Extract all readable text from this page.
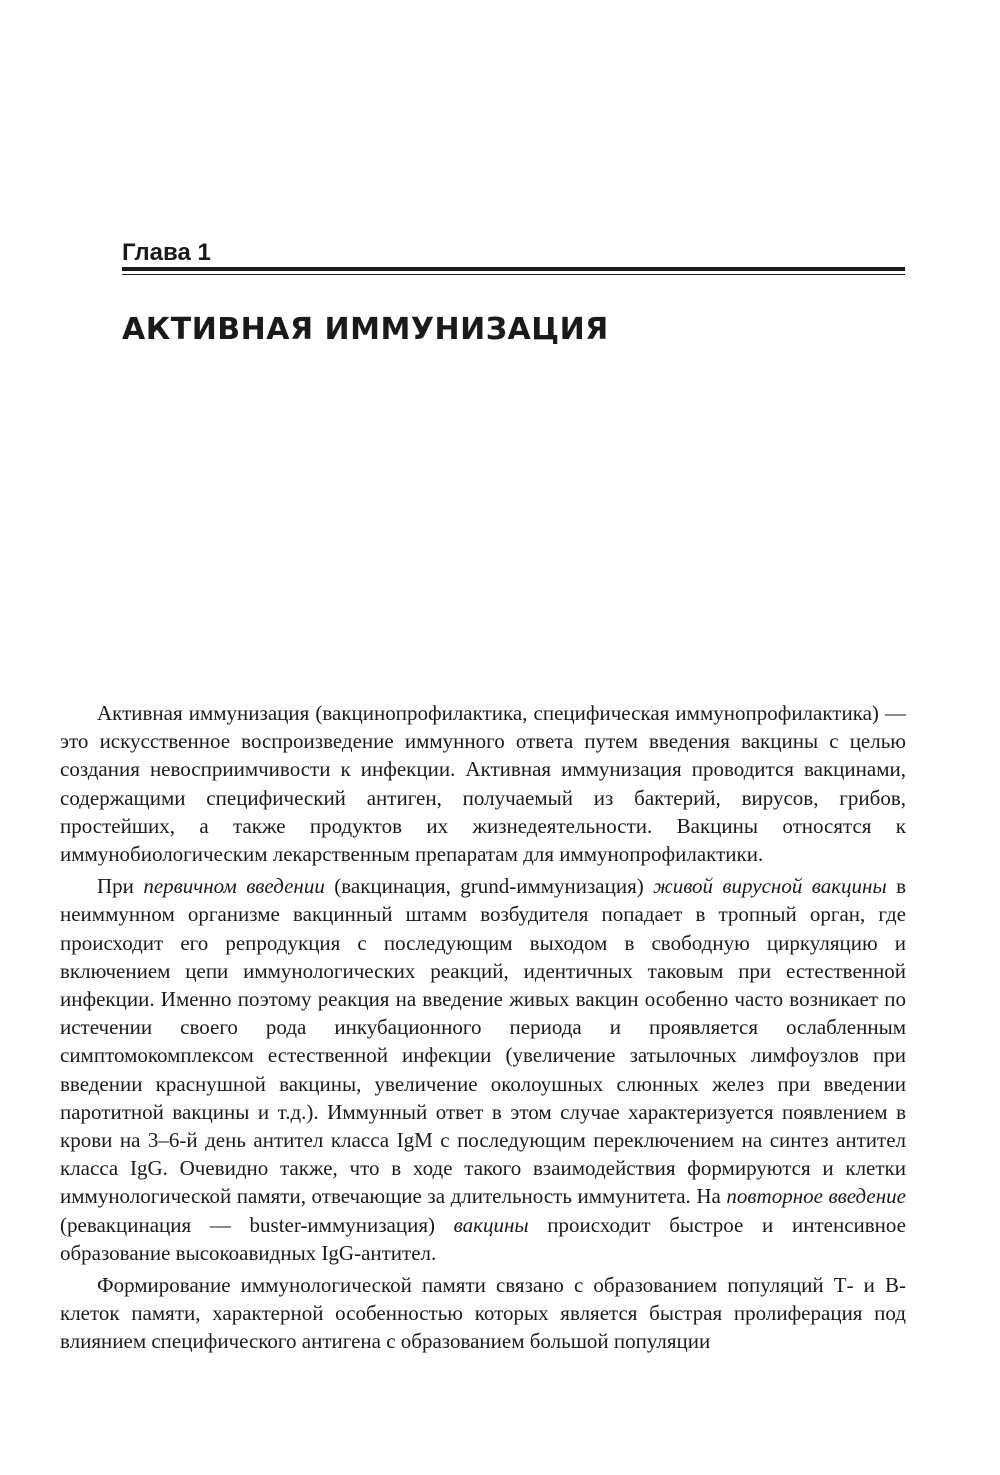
Глава 1
АКТИВНАЯ ИММУНИЗАЦИЯ

Активная иммунизация (вакцинопрофилактика, специфическая иммунопрофилактика) — это искусственное воспроизведение иммунного ответа путем введения вакцины с целью создания невосприимчивости к инфекции. Активная иммунизация проводится вакцинами, содержащими специфический антиген, получаемый из бактерий, вирусов, грибов, простейших, а также продуктов их жизнедеятельности. Вакцины относятся к иммунобиологическим лекарственным препаратам для иммунопрофилактики.

При первичном введении (вакцинация, grund-иммунизация) живой вирусной вакцины в неиммунном организме вакцинный штамм возбудителя попадает в тропный орган, где происходит его репродукция с последующим выходом в свободную циркуляцию и включением цепи иммунологических реакций, идентичных таковым при естественной инфекции. Именно поэтому реакция на введение живых вакцин особенно часто возникает по истечении своего рода инкубационного периода и проявляется ослабленным симптомокомплексом естественной инфекции (увеличение затылочных лимфоузлов при введении краснушной вакцины, увеличение околоушных слюнных желез при введении паротитной вакцины и т.д.). Иммунный ответ в этом случае характеризуется появлением в крови на 3–6-й день антител класса IgM с последующим переключением на синтез антител класса IgG. Очевидно также, что в ходе такого взаимодействия формируются и клетки иммунологической памяти, отвечающие за длительность иммунитета. На повторное введение (ревакцинация — buster-иммунизация) вакцины происходит быстрое и интенсивное образование высокоавидных IgG-антител.

Формирование иммунологической памяти связано с образованием популяций Т- и В-клеток памяти, характерной особенностью которых является быстрая пролиферация под влиянием специфического антигена с образованием большой популяции
